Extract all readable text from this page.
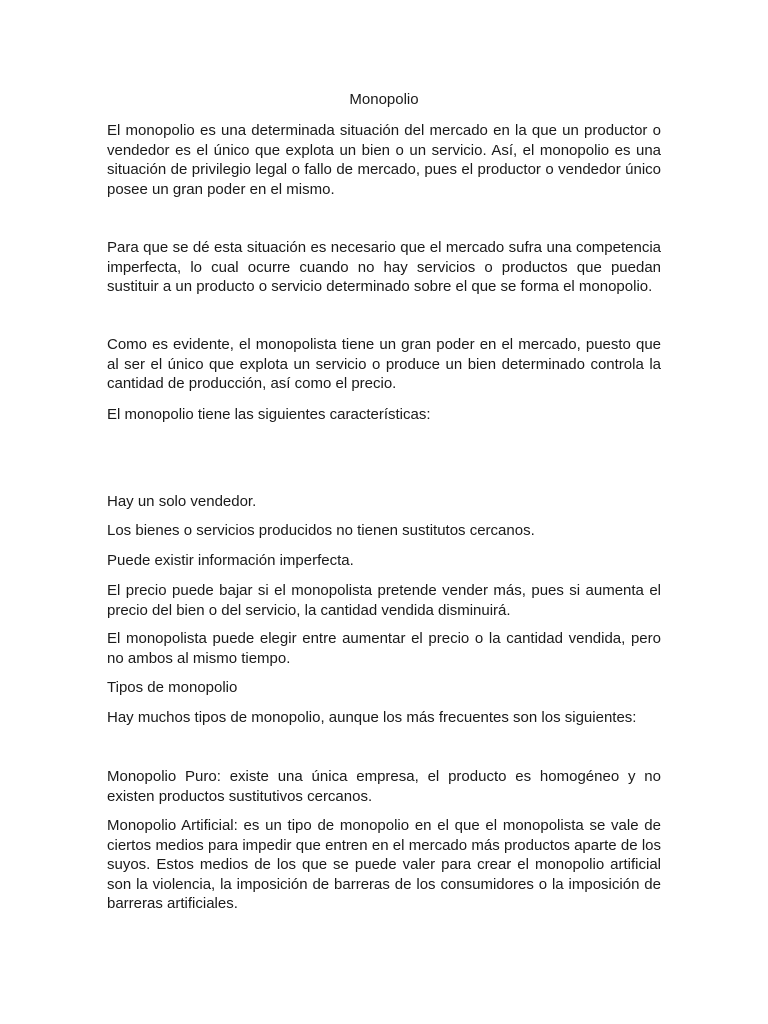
Monopolio

El monopolio es una determinada situación del mercado en la que un productor o vendedor es el único que explota un bien o un servicio. Así, el monopolio es una situación de privilegio legal o fallo de mercado, pues el productor o vendedor único posee un gran poder en el mismo.

Para que se dé esta situación es necesario que el mercado sufra una competencia imperfecta, lo cual ocurre cuando no hay servicios o productos que puedan sustituir a un producto o servicio determinado sobre el que se forma el monopolio.

Como es evidente, el monopolista tiene un gran poder en el mercado, puesto que al ser el único que explota un servicio o produce un bien determinado controla la cantidad de producción, así como el precio.

El monopolio tiene las siguientes características:

Hay un solo vendedor.

Los bienes o servicios producidos no tienen sustitutos cercanos.

Puede existir información imperfecta.

El precio puede bajar si el monopolista pretende vender más, pues si aumenta el precio del bien o del servicio, la cantidad vendida disminuirá.

El monopolista puede elegir entre aumentar el precio o la cantidad vendida, pero no ambos al mismo tiempo.

Tipos de monopolio

Hay muchos tipos de monopolio, aunque los más frecuentes son los siguientes:

Monopolio Puro: existe una única empresa, el producto es homogéneo y no existen productos sustitutivos cercanos.

Monopolio Artificial: es un tipo de monopolio en el que el monopolista se vale de ciertos medios para impedir que entren en el mercado más productos aparte de los suyos. Estos medios de los que se puede valer para crear el monopolio artificial son la violencia, la imposición de barreras de los consumidores o la imposición de barreras artificiales.
